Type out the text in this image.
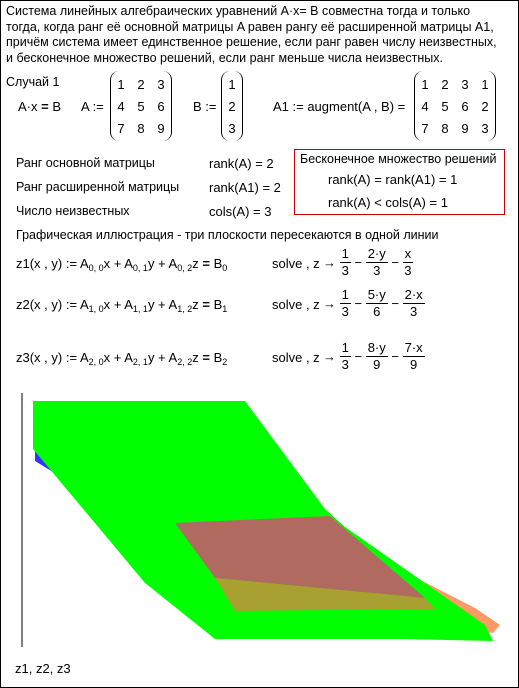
Система линейных алгебраических уравнений A·x= B совместна тогда и только
тогда, когда ранг её основной матрицы A равен рангу её расширенной матрицы A1,
причём система имеет единственное решение, если ранг равен числу неизвестных,
и бесконечное множество решений, если ранг меньше числа неизвестных.
Случай 1
A·x = B A :=
1 2 3
4 5 6
7 8 9
B :=
1
2
3
A1 := augment(A , B) =
1 2 3 1
4 5 6 2
7 8 9 3
Ранг основной матрицы	rank(A) = 2
Ранг расширенной матрицы rank(A1) = 2
Число неизвестных	cols(A) = 3
Бесконечное множество решений
rank(A) = rank(A1) = 1
rank(A) < cols(A) = 1
Графическая иллюстрация - три плоскости пересекаются в одной линии
z1(x , y) := $A_{0, 0}x + A_{0, 1}y + A_{0, 2}z = B_0$	solve , $z \to \frac{1}{3} - \frac{2\cdot y}{3} - \frac{x}{3}$
z2(x , y) := $A_{1, 0}x + A_{1, 1}y + A_{1, 2}z = B_1$	solve , $z \to \frac{1}{3} - \frac{5\cdot y}{6} - \frac{2\cdot x}{3}$
z3(x , y) := $A_{2, 0}x + A_{2, 1}y + A_{2, 2}z = B_2$	solve , $z \to \frac{1}{3} - \frac{8\cdot y}{9} - \frac{7\cdot x}{9}$
z1, z2, z3
